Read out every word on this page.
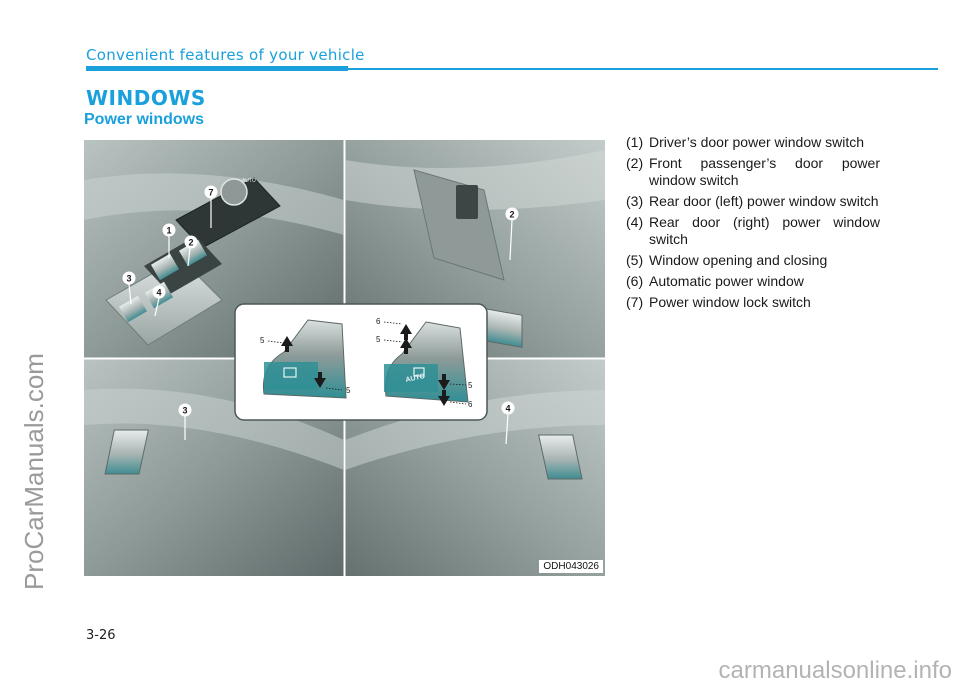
Convenient features of your vehicle
WINDOWS
Power windows
AUTO
1
2
3
4
7
2
3	4
AUTO
5
5
6
5
5
6
ODH043026
(1) Driver’s door power window switch
(2) Front passenger’s door power window switch
(3) Rear door (left) power window switch
(4) Rear door (right) power window switch
(5) Window opening and closing
(6) Automatic power window
(7) Power window lock switch
3-26
ProCarManuals.com
carmanualsonline.info
